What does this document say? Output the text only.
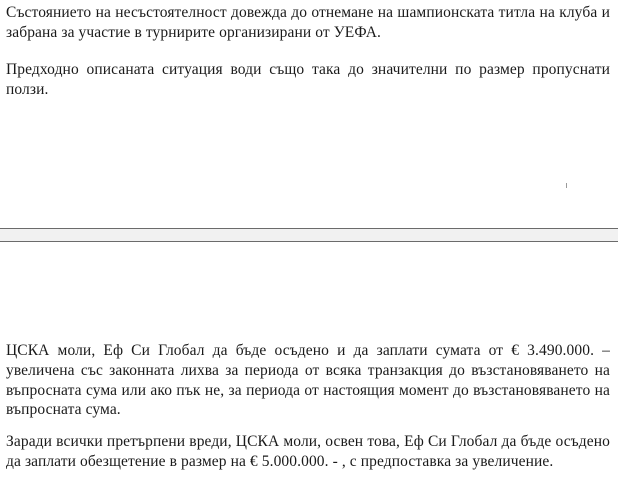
Състоянието на несъстоятелност довежда до отнемане на шампионската титла на клуба и забрана за участие в турнирите организирани от УЕФА.

Предходно описаната ситуация води също така до значителни по размер пропуснати ползи.

ЦСКА моли, Еф Си Глобал да бъде осъдено и да заплати сумата от € 3.490.000. – увеличена със законната лихва за периода от всяка транзакция до възстановяването на въпросната сума или ако пък не, за периода от настоящия момент до възстановяването на въпросната сума.

Заради всички претърпени вреди, ЦСКА моли, освен това, Еф Си Глобал да бъде осъдено да заплати обезщетение в размер на € 5.000.000. - , с предпоставка за увеличение.
